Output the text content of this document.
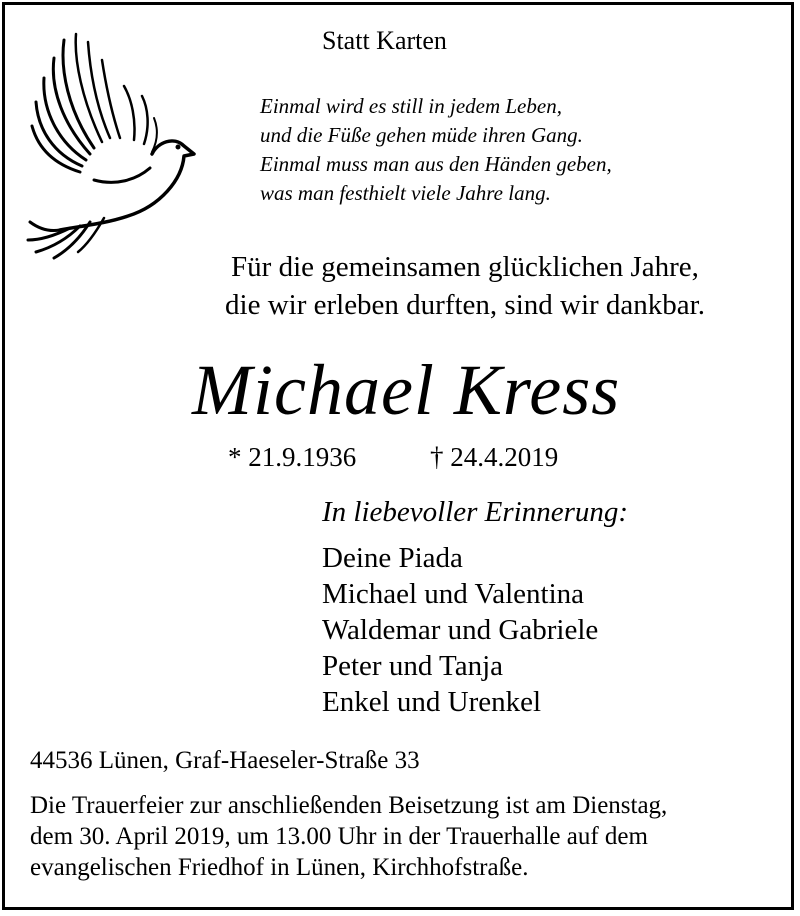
Statt Karten
Einmal wird es still in jedem Leben,
und die Füße gehen müde ihren Gang.
Einmal muss man aus den Händen geben,
was man festhielt viele Jahre lang.
Für die gemeinsamen glücklichen Jahre,
die wir erleben durften, sind wir dankbar.
Michael Kress
* 21.9.1936	† 24.4.2019
In liebevoller Erinnerung:
Deine Piada
Michael und Valentina
Waldemar und Gabriele
Peter und Tanja
Enkel und Urenkel
44536 Lünen, Graf-Haeseler-Straße 33
Die Trauerfeier zur anschließenden Beisetzung ist am Dienstag,
dem 30. April 2019, um 13.00 Uhr in der Trauerhalle auf dem
evangelischen Friedhof in Lünen, Kirchhofstraße.
